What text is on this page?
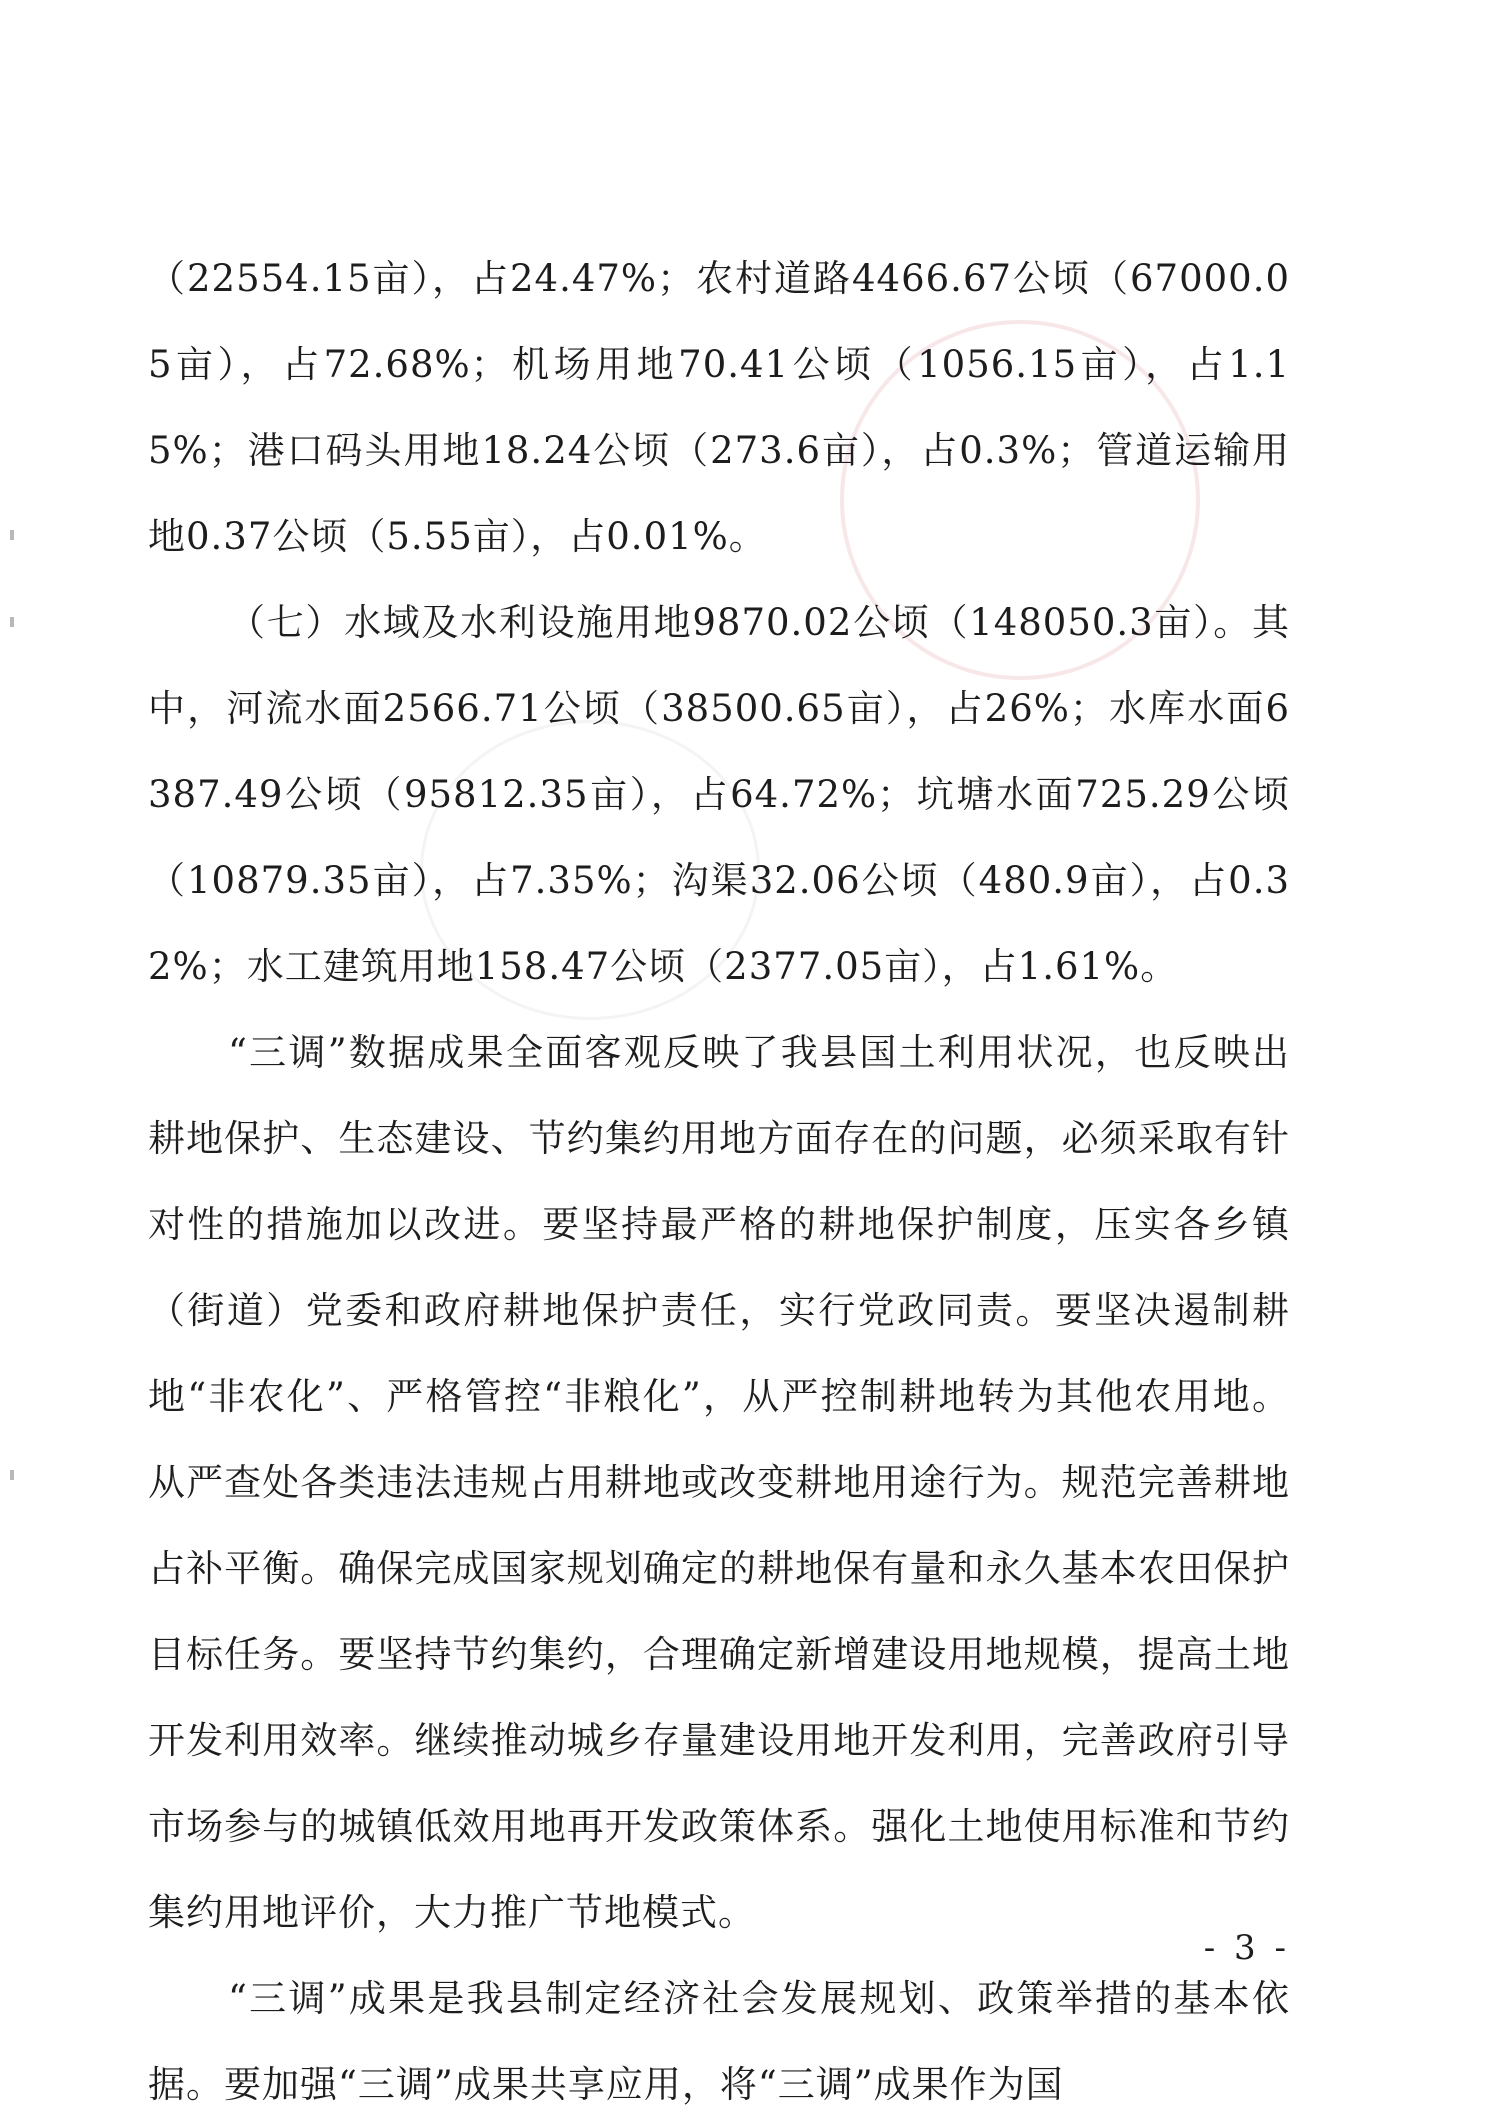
（22554.15亩），占24.47%；农村道路4466.67公顷（67000.05亩），占72.68%；机场用地70.41公顷（1056.15亩），占1.15%；港口码头用地18.24公顷（273.6亩），占0.3%；管道运输用地0.37公顷（5.55亩），占0.01%。

（七）水域及水利设施用地9870.02公顷（148050.3亩）。其中，河流水面2566.71公顷（38500.65亩），占26%；水库水面6387.49公顷（95812.35亩），占64.72%；坑塘水面725.29公顷（10879.35亩），占7.35%；沟渠32.06公顷（480.9亩），占0.32%；水工建筑用地158.47公顷（2377.05亩），占1.61%。

“三调”数据成果全面客观反映了我县国土利用状况，也反映出耕地保护、生态建设、节约集约用地方面存在的问题，必须采取有针对性的措施加以改进。要坚持最严格的耕地保护制度，压实各乡镇（街道）党委和政府耕地保护责任，实行党政同责。要坚决遏制耕地“非农化”、严格管控“非粮化”，从严控制耕地转为其他农用地。从严查处各类违法违规占用耕地或改变耕地用途行为。规范完善耕地占补平衡。确保完成国家规划确定的耕地保有量和永久基本农田保护目标任务。要坚持节约集约，合理确定新增建设用地规模，提高土地开发利用效率。继续推动城乡存量建设用地开发利用，完善政府引导市场参与的城镇低效用地再开发政策体系。强化土地使用标准和节约集约用地评价，大力推广节地模式。

“三调”成果是我县制定经济社会发展规划、政策举措的基本依据。要加强“三调”成果共享应用，将“三调”成果作为国

- 3 -
